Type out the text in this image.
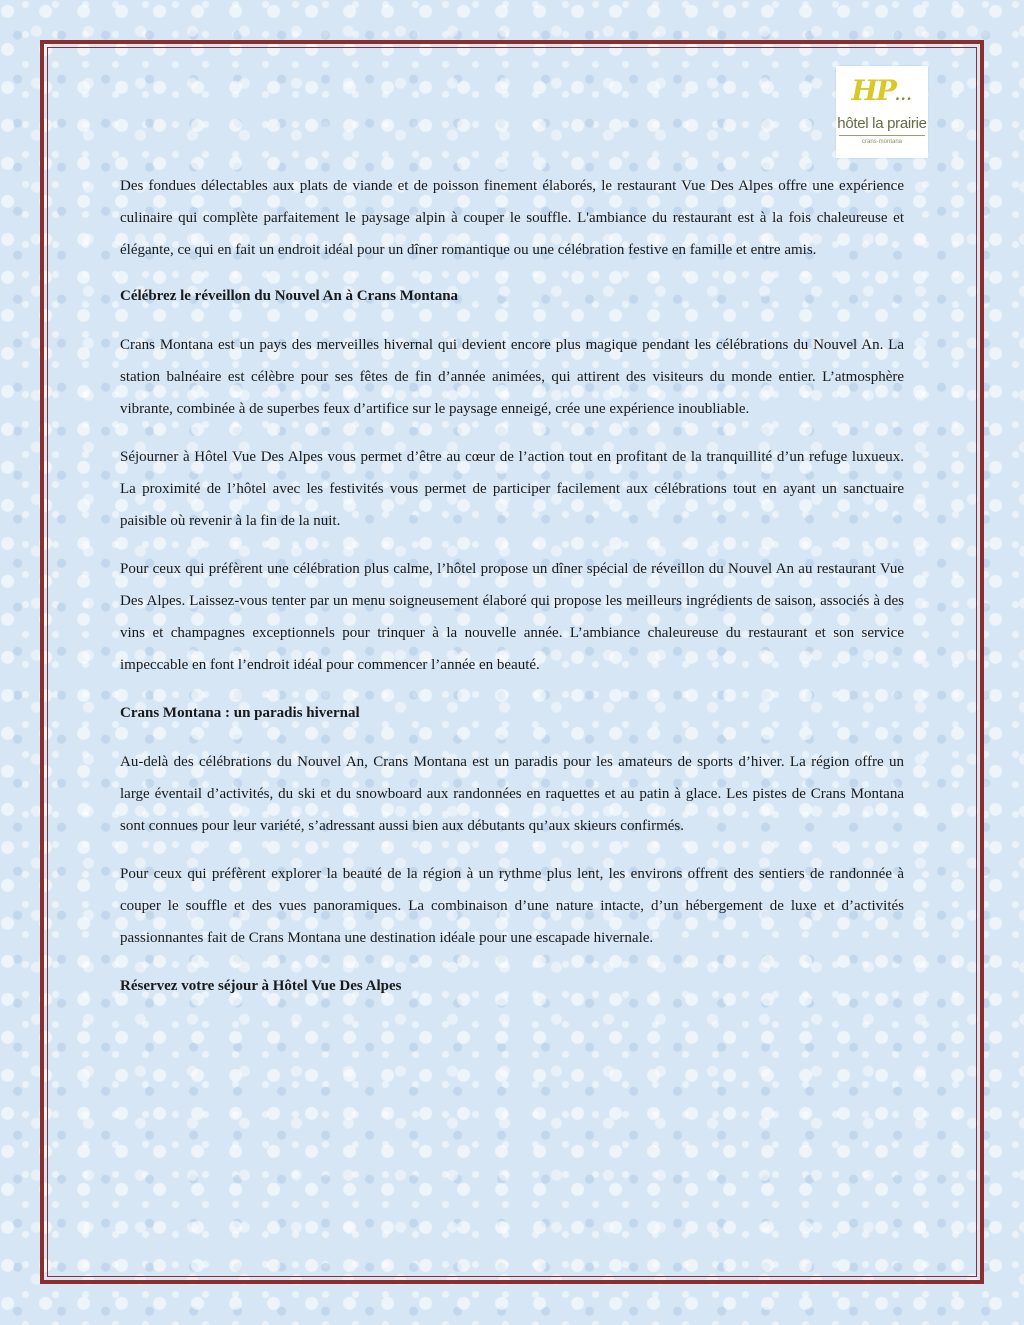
HP...
hôtel la prairie
crans-montana

Des fondues délectables aux plats de viande et de poisson finement élaborés, le restaurant Vue Des Alpes offre une expérience culinaire qui complète parfaitement le paysage alpin à couper le souffle. L'ambiance du restaurant est à la fois chaleureuse et élégante, ce qui en fait un endroit idéal pour un dîner romantique ou une célébration festive en famille et entre amis.

Célébrez le réveillon du Nouvel An à Crans Montana

Crans Montana est un pays des merveilles hivernal qui devient encore plus magique pendant les célébrations du Nouvel An. La station balnéaire est célèbre pour ses fêtes de fin d’année animées, qui attirent des visiteurs du monde entier. L’atmosphère vibrante, combinée à de superbes feux d’artifice sur le paysage enneigé, crée une expérience inoubliable.

Séjourner à Hôtel Vue Des Alpes vous permet d’être au cœur de l’action tout en profitant de la tranquillité d’un refuge luxueux. La proximité de l’hôtel avec les festivités vous permet de participer facilement aux célébrations tout en ayant un sanctuaire paisible où revenir à la fin de la nuit.

Pour ceux qui préfèrent une célébration plus calme, l’hôtel propose un dîner spécial de réveillon du Nouvel An au restaurant Vue Des Alpes. Laissez-vous tenter par un menu soigneusement élaboré qui propose les meilleurs ingrédients de saison, associés à des vins et champagnes exceptionnels pour trinquer à la nouvelle année. L’ambiance chaleureuse du restaurant et son service impeccable en font l’endroit idéal pour commencer l’année en beauté.

Crans Montana : un paradis hivernal

Au-delà des célébrations du Nouvel An, Crans Montana est un paradis pour les amateurs de sports d’hiver. La région offre un large éventail d’activités, du ski et du snowboard aux randonnées en raquettes et au patin à glace. Les pistes de Crans Montana sont connues pour leur variété, s’adressant aussi bien aux débutants qu’aux skieurs confirmés.

Pour ceux qui préfèrent explorer la beauté de la région à un rythme plus lent, les environs offrent des sentiers de randonnée à couper le souffle et des vues panoramiques. La combinaison d’une nature intacte, d’un hébergement de luxe et d’activités passionnantes fait de Crans Montana une destination idéale pour une escapade hivernale.

Réservez votre séjour à Hôtel Vue Des Alpes
